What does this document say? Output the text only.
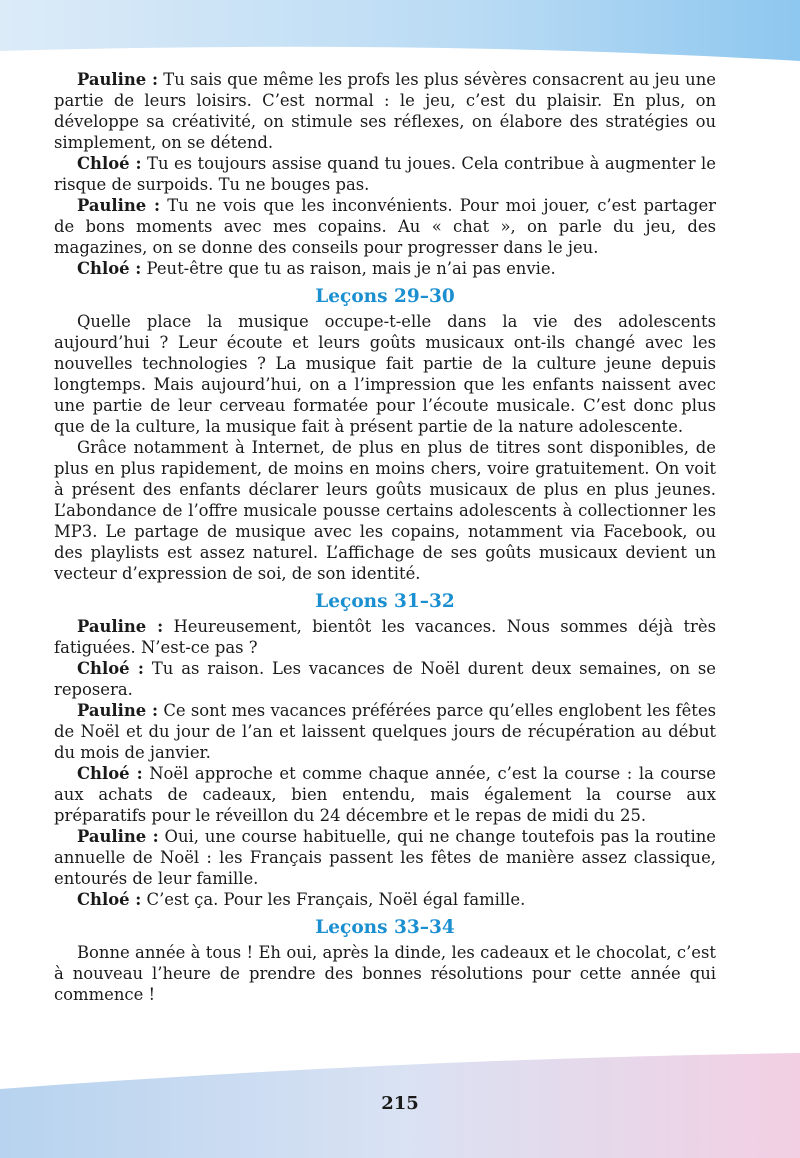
Pauline : Tu sais que même les profs les plus sévères consacrent au jeu une partie de leurs loisirs. C’est normal : le jeu, c’est du plaisir. En plus, on développe sa créativité, on stimule ses réflexes, on élabore des stratégies ou simplement, on se détend.

Chloé : Tu es toujours assise quand tu joues. Cela contribue à augmenter le risque de surpoids. Tu ne bouges pas.

Pauline : Tu ne vois que les inconvénients. Pour moi jouer, c’est partager de bons moments avec mes copains. Au « chat », on parle du jeu, des magazines, on se donne des conseils pour progresser dans le jeu.

Chloé : Peut-être que tu as raison, mais je n’ai pas envie.

Leçons 29–30

Quelle place la musique occupe-t-elle dans la vie des adolescents aujourd’hui ? Leur écoute et leurs goûts musicaux ont-ils changé avec les nouvelles technologies ? La musique fait partie de la culture jeune depuis longtemps. Mais aujourd’hui, on a l’impression que les enfants naissent avec une partie de leur cerveau formatée pour l’écoute musicale. C’est donc plus que de la culture, la musique fait à présent partie de la nature adolescente.

Grâce notamment à Internet, de plus en plus de titres sont disponibles, de plus en plus rapidement, de moins en moins chers, voire gratuitement. On voit à présent des enfants déclarer leurs goûts musicaux de plus en plus jeunes. L’abondance de l’offre musicale pousse certains adolescents à collectionner les MP3. Le partage de musique avec les copains, notamment via Facebook, ou des playlists est assez naturel. L’affichage de ses goûts musicaux devient un vecteur d’expression de soi, de son identité.

Leçons 31–32

Pauline : Heureusement, bientôt les vacances. Nous sommes déjà très fatiguées. N’est-ce pas ?

Chloé : Tu as raison. Les vacances de Noël durent deux semaines, on se reposera.

Pauline : Ce sont mes vacances préférées parce qu’elles englobent les fêtes de Noël et du jour de l’an et laissent quelques jours de récupération au début du mois de janvier.

Chloé : Noël approche et comme chaque année, c’est la course : la course aux achats de cadeaux, bien entendu, mais également la course aux préparatifs pour le réveillon du 24 décembre et le repas de midi du 25.

Pauline : Oui, une course habituelle, qui ne change toutefois pas la routine annuelle de Noël : les Français passent les fêtes de manière assez classique, entourés de leur famille.

Chloé : C’est ça. Pour les Français, Noël égal famille.

Leçons 33–34

Bonne année à tous ! Eh oui, après la dinde, les cadeaux et le chocolat, c’est à nouveau l’heure de prendre des bonnes résolutions pour cette année qui commence !

215
